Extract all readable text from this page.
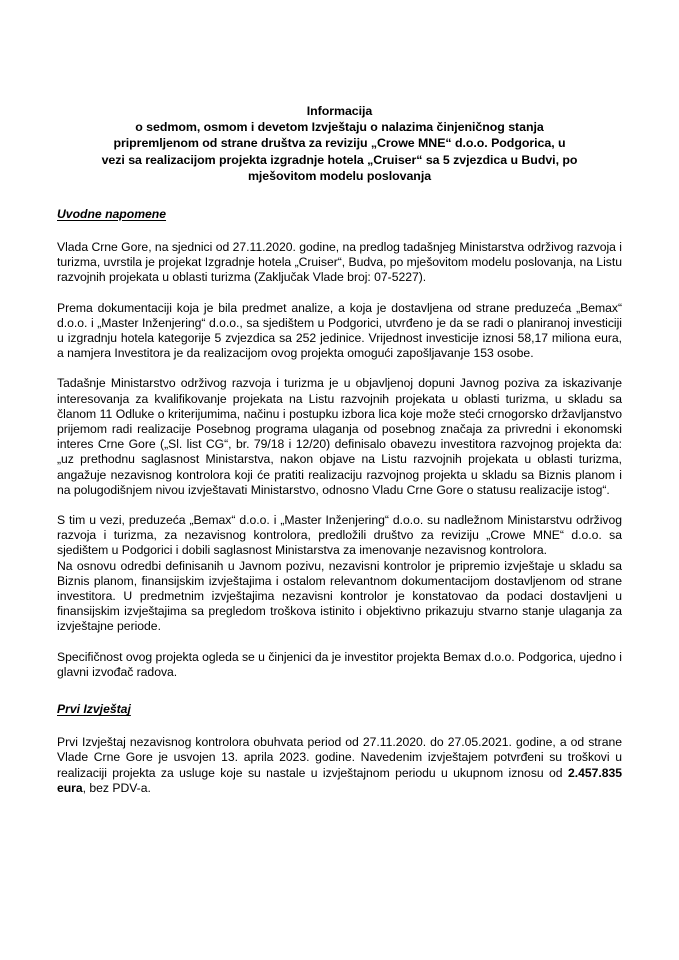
Informacija
o sedmom, osmom i devetom Izvještaju o nalazima činjeničnog stanja
pripremljenom od strane društva za reviziju „Crowe MNE“ d.o.o. Podgorica, u
vezi sa realizacijom projekta izgradnje hotela „Cruiser“ sa 5 zvjezdica u Budvi, po
mješovitom modelu poslovanja
Uvodne napomene

Vlada Crne Gore, na sjednici od 27.11.2020. godine, na predlog tadašnjeg Ministarstva održivog razvoja i turizma, uvrstila je projekat Izgradnje hotela „Cruiser“, Budva, po mješovitom modelu poslovanja, na Listu razvojnih projekata u oblasti turizma (Zaključak Vlade broj: 07-5227).

Prema dokumentaciji koja je bila predmet analize, a koja je dostavljena od strane preduzeća „Bemax“ d.o.o. i „Master Inženjering“ d.o.o., sa sjedištem u Podgorici, utvrđeno je da se radi o planiranoj investiciji u izgradnju hotela kategorije 5 zvjezdica sa 252 jedinice. Vrijednost investicije iznosi 58,17 miliona eura, a namjera Investitora je da realizacijom ovog projekta omogući zapošljavanje 153 osobe.

Tadašnje Ministarstvo održivog razvoja i turizma je u objavljenoj dopuni Javnog poziva za iskazivanje interesovanja za kvalifikovanje projekata na Listu razvojnih projekata u oblasti turizma, u skladu sa članom 11 Odluke o kriterijumima, načinu i postupku izbora lica koje može steći crnogorsko državljanstvo prijemom radi realizacije Posebnog programa ulaganja od posebnog značaja za privredni i ekonomski interes Crne Gore („Sl. list CG“, br. 79/18 i 12/20) definisalo obavezu investitora razvojnog projekta da: „uz prethodnu saglasnost Ministarstva, nakon objave na Listu razvojnih projekata u oblasti turizma, angažuje nezavisnog kontrolora koji će pratiti realizaciju razvojnog projekta u skladu sa Biznis planom i na polugodišnjem nivou izvještavati Ministarstvo, odnosno Vladu Crne Gore o statusu realizacije istog“.

S tim u vezi, preduzeća „Bemax“ d.o.o. i „Master Inženjering“ d.o.o. su nadležnom Ministarstvu održivog razvoja i turizma, za nezavisnog kontrolora, predložili društvo za reviziju „Crowe MNE“ d.o.o. sa sjedištem u Podgorici i dobili saglasnost Ministarstva za imenovanje nezavisnog kontrolora.

Na osnovu odredbi definisanih u Javnom pozivu, nezavisni kontrolor je pripremio izvještaje u skladu sa Biznis planom, finansijskim izvještajima i ostalom relevantnom dokumentacijom dostavljenom od strane investitora. U predmetnim izvještajima nezavisni kontrolor je konstatovao da podaci dostavljeni u finansijskim izvještajima sa pregledom troškova istinito i objektivno prikazuju stvarno stanje ulaganja za izvještajne periode.

Specifičnost ovog projekta ogleda se u činjenici da je investitor projekta Bemax d.o.o. Podgorica, ujedno i glavni izvođač radova.

Prvi Izvještaj

Prvi Izvještaj nezavisnog kontrolora obuhvata period od 27.11.2020. do 27.05.2021. godine, a od strane Vlade Crne Gore je usvojen 13. aprila 2023. godine. Navedenim izvještajem potvrđeni su troškovi u realizaciji projekta za usluge koje su nastale u izvještajnom periodu u ukupnom iznosu od 2.457.835 eura, bez PDV-a.
